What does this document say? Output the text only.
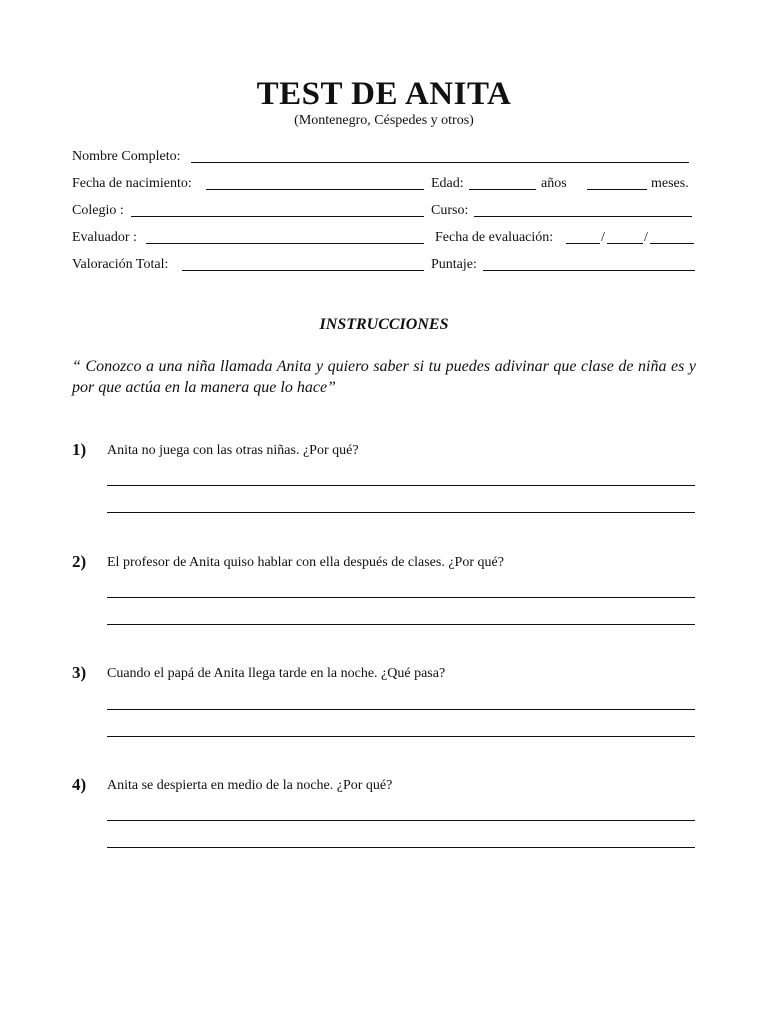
TEST DE ANITA
(Montenegro, Céspedes y otros)
Nombre Completo:
Fecha de nacimiento:	Edad:	años	meses.
Colegio :	Curso:
Evaluador :	Fecha de evaluación:	/	/
Valoración Total:	Puntaje:
INSTRUCCIONES
“ Conozco a una niña llamada Anita y quiero saber si tu puedes adivinar que clase de niña es y por que actúa en la manera que lo hace”
1) Anita no juega con las otras niñas. ¿Por qué?
2) El profesor de Anita quiso hablar con ella después de clases. ¿Por qué?
3) Cuando el papá de Anita llega tarde en la noche. ¿Qué pasa?
4) Anita se despierta en medio de la noche. ¿Por qué?
